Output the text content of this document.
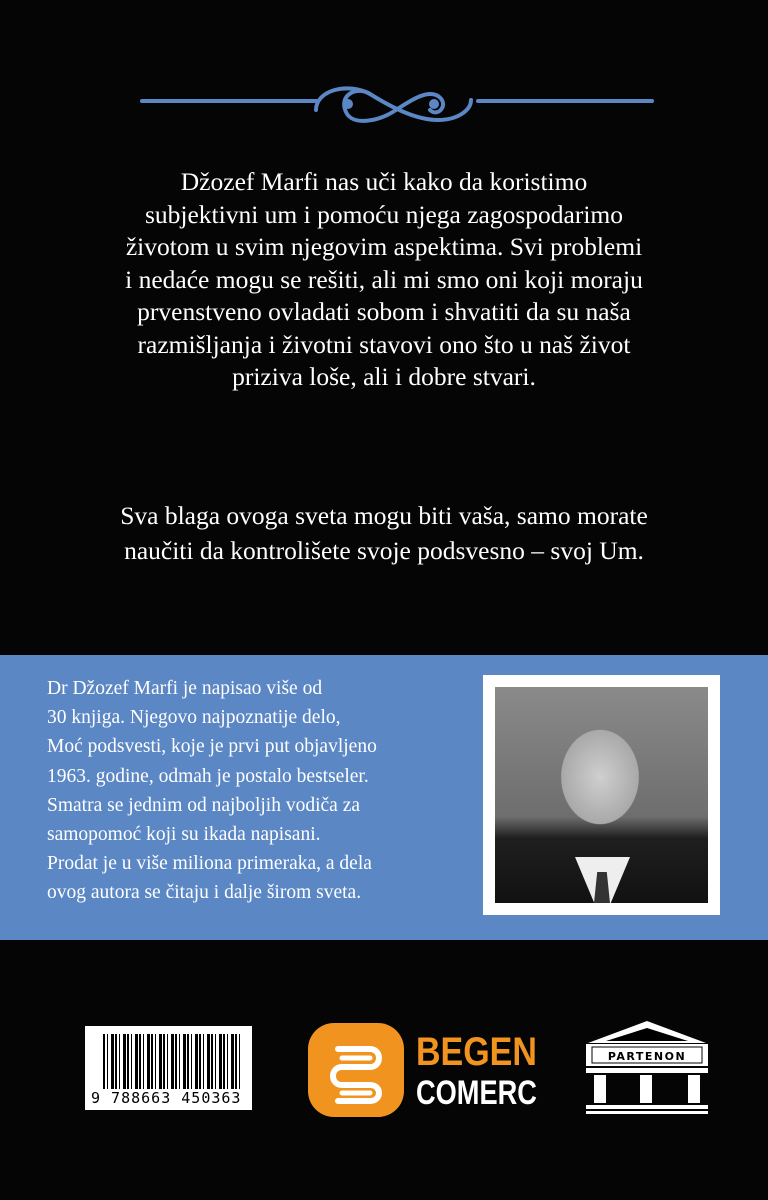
Džozef Marfi nas uči kako da koristimo
subjektivni um i pomoću njega zagospodarimo
životom u svim njegovim aspektima. Svi problemi
i nedaće mogu se rešiti, ali mi smo oni koji moraju
prvenstveno ovladati sobom i shvatiti da su naša
razmišljanja i životni stavovi ono što u naš život
priziva loše, ali i dobre stvari.
Sva blaga ovoga sveta mogu biti vaša, samo morate
naučiti da kontrolišete svoje podsvesno – svoj Um.
Dr Džozef Marfi je napisao više od
30 knjiga. Njegovo najpoznatije delo,
Moć podsvesti, koje je prvi put objavljeno
1963. godine, odmah je postalo bestseler.
Smatra se jednim od najboljih vodiča za
samopomoć koji su ikada napisani.
Prodat je u više miliona primeraka, a dela
ovog autora se čitaju i dalje širom sveta.
9 788663 450363
BEGEN
COMERC
PARTENON
